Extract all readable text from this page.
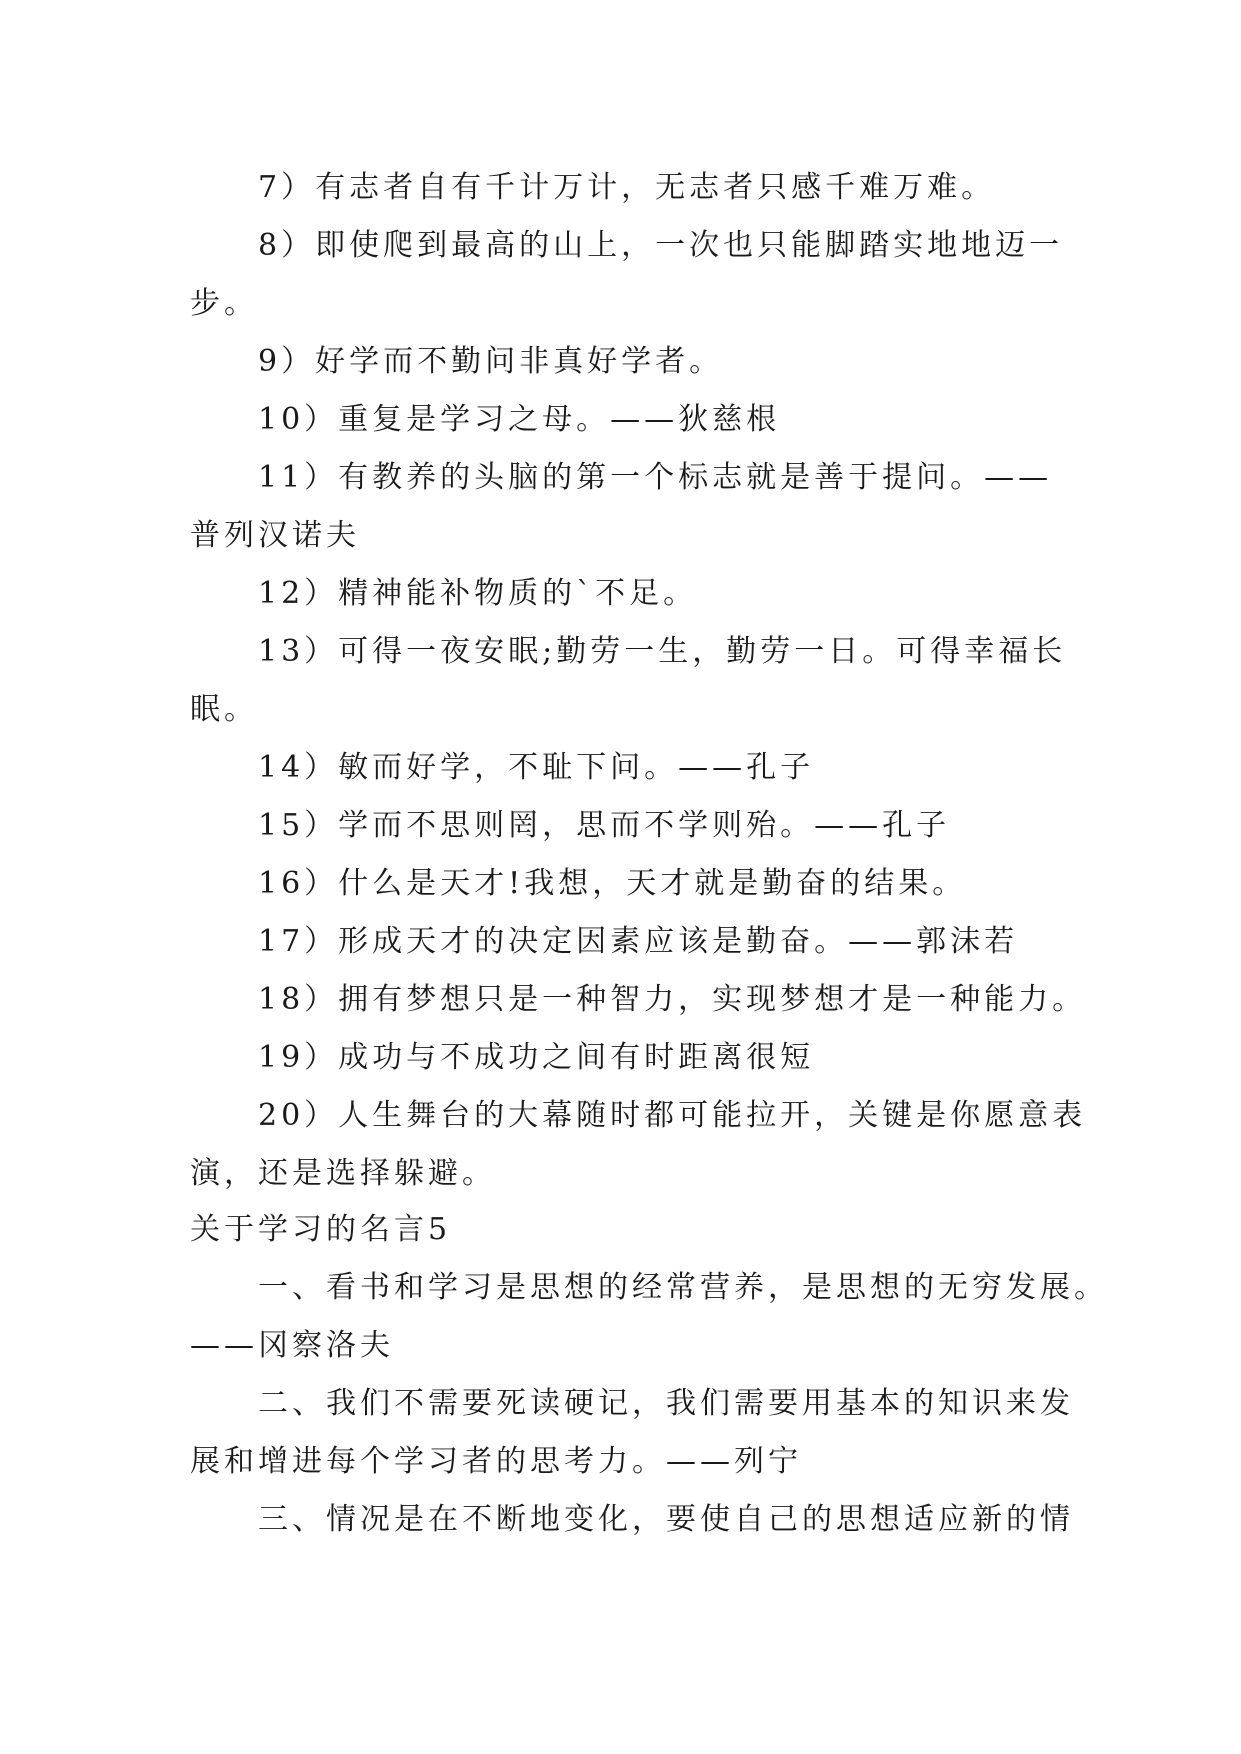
7）有志者自有千计万计，无志者只感千难万难。

8）即使爬到最高的山上，一次也只能脚踏实地地迈一

步。

9）好学而不勤问非真好学者。

10）重复是学习之母。——狄慈根

11）有教养的头脑的第一个标志就是善于提问。——

普列汉诺夫

12）精神能补物质的`不足。

13）可得一夜安眠;勤劳一生，勤劳一日。可得幸福长

眠。

14）敏而好学，不耻下问。——孔子

15）学而不思则罔，思而不学则殆。——孔子

16）什么是天才!我想，天才就是勤奋的结果。

17）形成天才的决定因素应该是勤奋。——郭沫若

18）拥有梦想只是一种智力，实现梦想才是一种能力。

19）成功与不成功之间有时距离很短

20）人生舞台的大幕随时都可能拉开，关键是你愿意表

演，还是选择躲避。

关于学习的名言5

一、看书和学习是思想的经常营养，是思想的无穷发展。

——冈察洛夫

二、我们不需要死读硬记，我们需要用基本的知识来发

展和增进每个学习者的思考力。——列宁

三、情况是在不断地变化，要使自己的思想适应新的情
